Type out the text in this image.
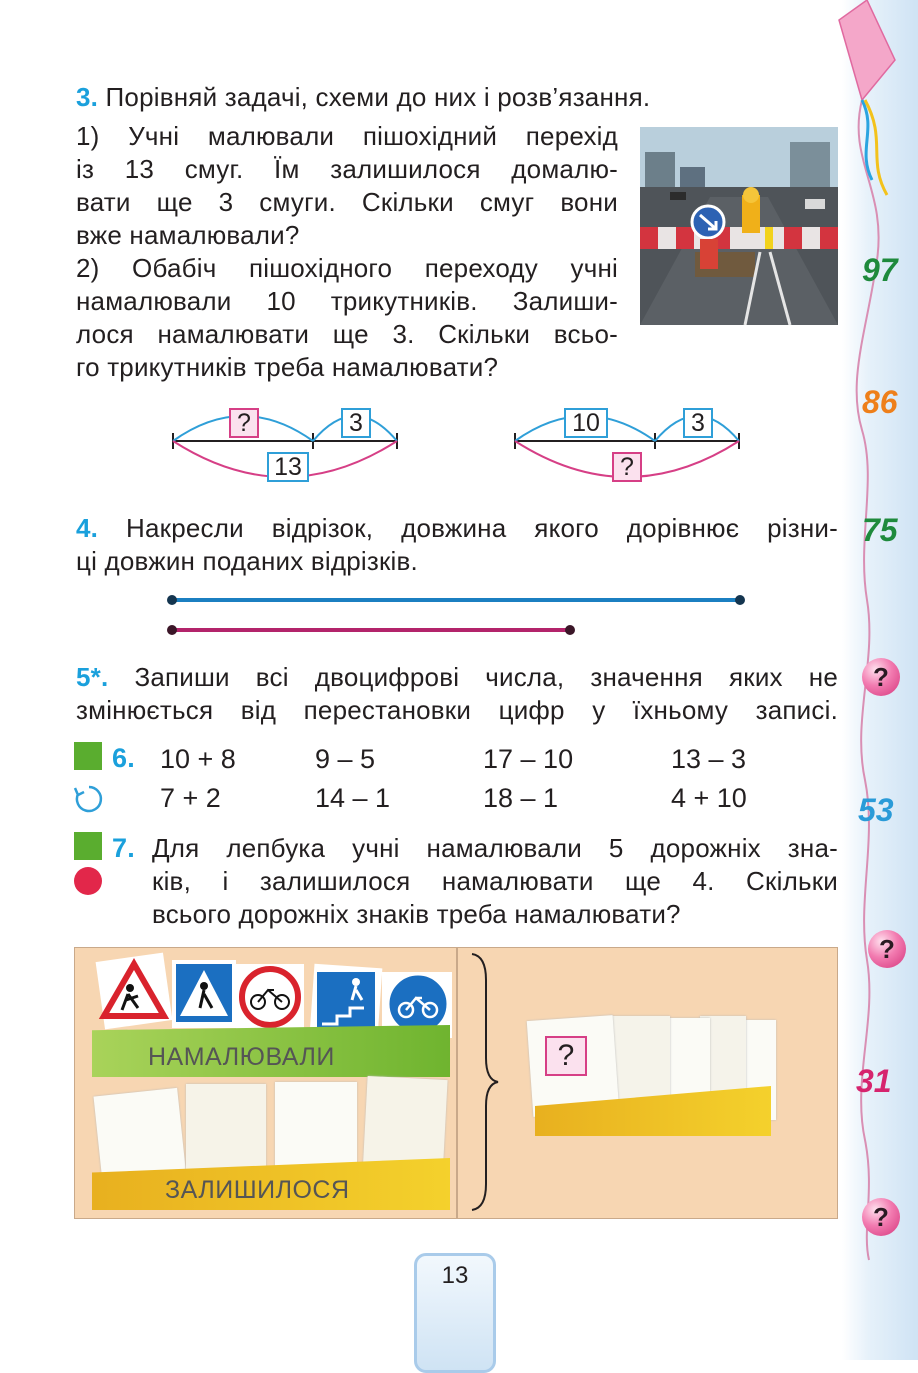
97
86
75
53
31
?
?
?
3. Порівняй задачі, схеми до них і розв’язання.
1) Учні малювали пішохідний перехід
із 13 смуг. Їм залишилося домалю-
вати ще 3 смуги. Скільки смуг вони
вже намалювали?
2) Обабіч пішохідного переходу учні
намалювали 10 трикутників. Залиши-
лося намалювати ще 3. Скільки всьо-
го трикутників треба намалювати?
?	3
13
10	3
?
4. Накресли відрізок, довжина якого дорівнює різни-
ці довжин поданих відрізків.
5*. Запиши всі двоцифрові числа, значення яких не
змінюється від перестановки цифр у їхньому записі.
6. 10 + 8	9 – 5	17 – 10	13 – 3
7 + 2	14 – 1	18 – 1	4 + 10
7. Для лепбука учні намалювали 5 дорожніх зна-
ків, і залишилося намалювати ще 4. Скільки
всього дорожніх знаків треба намалювати?
НАМАЛЮВАЛИ
ЗАЛИШИЛОСЯ
?
13
